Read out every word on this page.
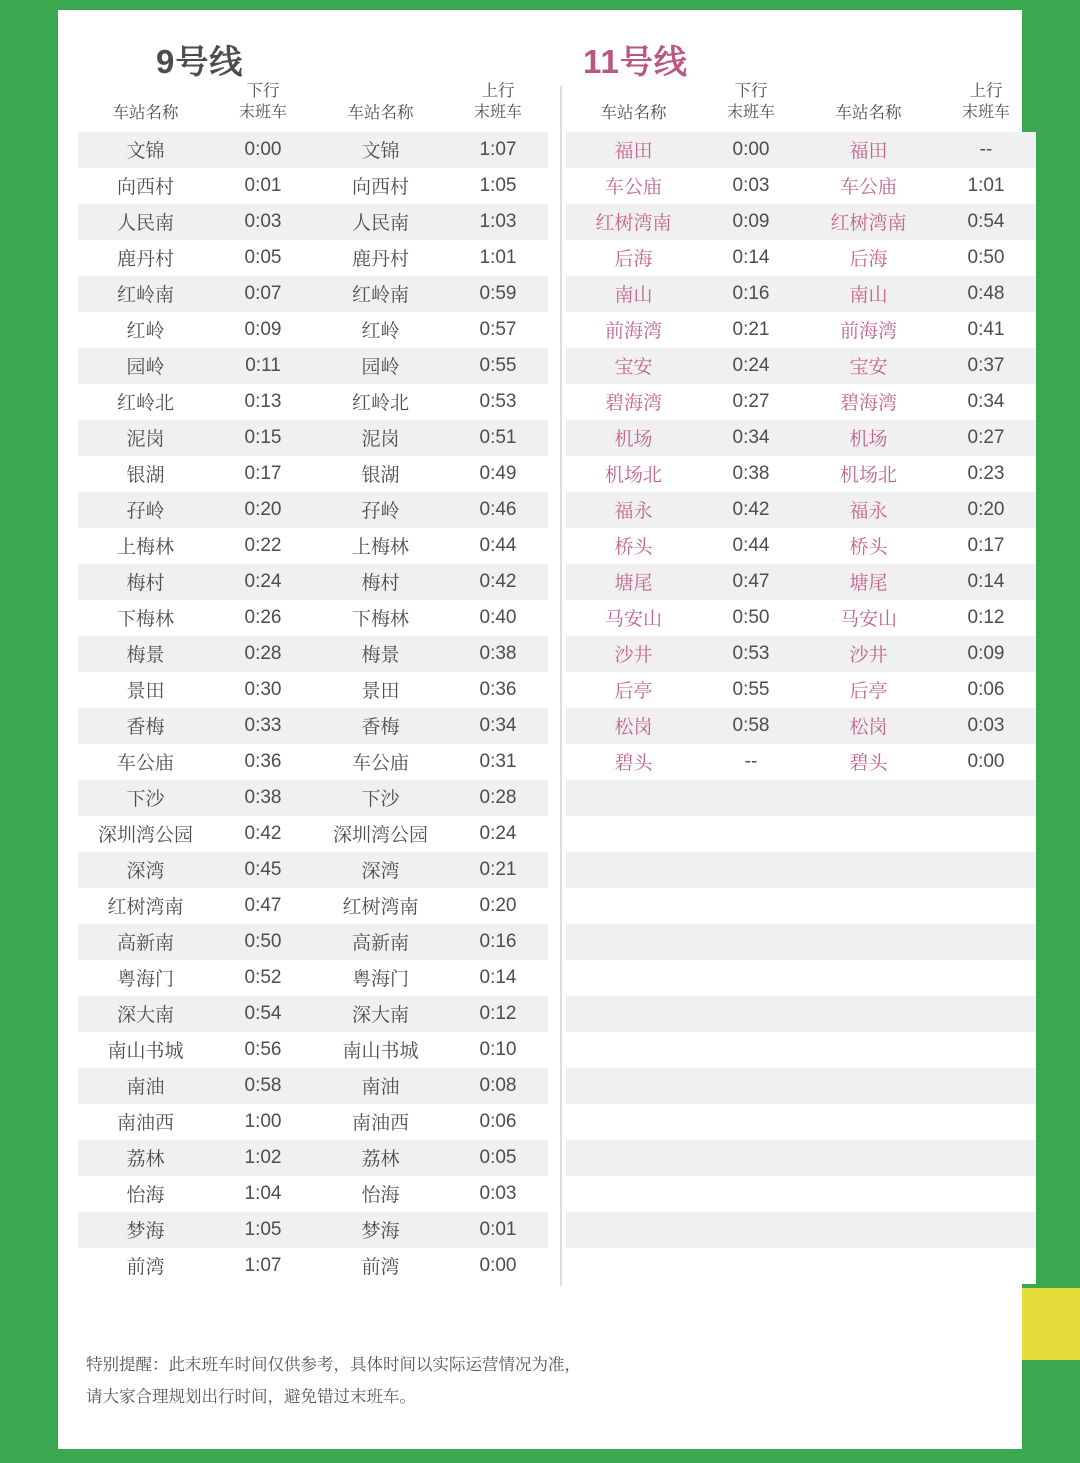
9号线	11号线
车站名称	下行
末班车	车站名称	上行
末班车
文锦	0:00	文锦	1:07
向西村	0:01	向西村	1:05
人民南	0:03	人民南	1:03
鹿丹村	0:05	鹿丹村	1:01
红岭南	0:07	红岭南	0:59
红岭	0:09	红岭	0:57
园岭	0:11	园岭	0:55
红岭北	0:13	红岭北	0:53
泥岗	0:15	泥岗	0:51
银湖	0:17	银湖	0:49
孖岭	0:20	孖岭	0:46
上梅林	0:22	上梅林	0:44
梅村	0:24	梅村	0:42
下梅林	0:26	下梅林	0:40
梅景	0:28	梅景	0:38
景田	0:30	景田	0:36
香梅	0:33	香梅	0:34
车公庙	0:36	车公庙	0:31
下沙	0:38	下沙	0:28
深圳湾公园	0:42	深圳湾公园	0:24
深湾	0:45	深湾	0:21
红树湾南	0:47	红树湾南	0:20
高新南	0:50	高新南	0:16
粤海门	0:52	粤海门	0:14
深大南	0:54	深大南	0:12
南山书城	0:56	南山书城	0:10
南油	0:58	南油	0:08
南油西	1:00	南油西	0:06
荔林	1:02	荔林	0:05
怡海	1:04	怡海	0:03
梦海	1:05	梦海	0:01
前湾	1:07	前湾	0:00
车站名称	下行
末班车	车站名称	上行
末班车
福田	0:00	福田	--
车公庙	0:03	车公庙	1:01
红树湾南	0:09	红树湾南	0:54
后海	0:14	后海	0:50
南山	0:16	南山	0:48
前海湾	0:21	前海湾	0:41
宝安	0:24	宝安	0:37
碧海湾	0:27	碧海湾	0:34
机场	0:34	机场	0:27
机场北	0:38	机场北	0:23
福永	0:42	福永	0:20
桥头	0:44	桥头	0:17
塘尾	0:47	塘尾	0:14
马安山	0:50	马安山	0:12
沙井	0:53	沙井	0:09
后亭	0:55	后亭	0:06
松岗	0:58	松岗	0:03
碧头	--	碧头	0:00

特别提醒：此末班车时间仅供参考，具体时间以实际运营情况为准，
请大家合理规划出行时间，避免错过末班车。
